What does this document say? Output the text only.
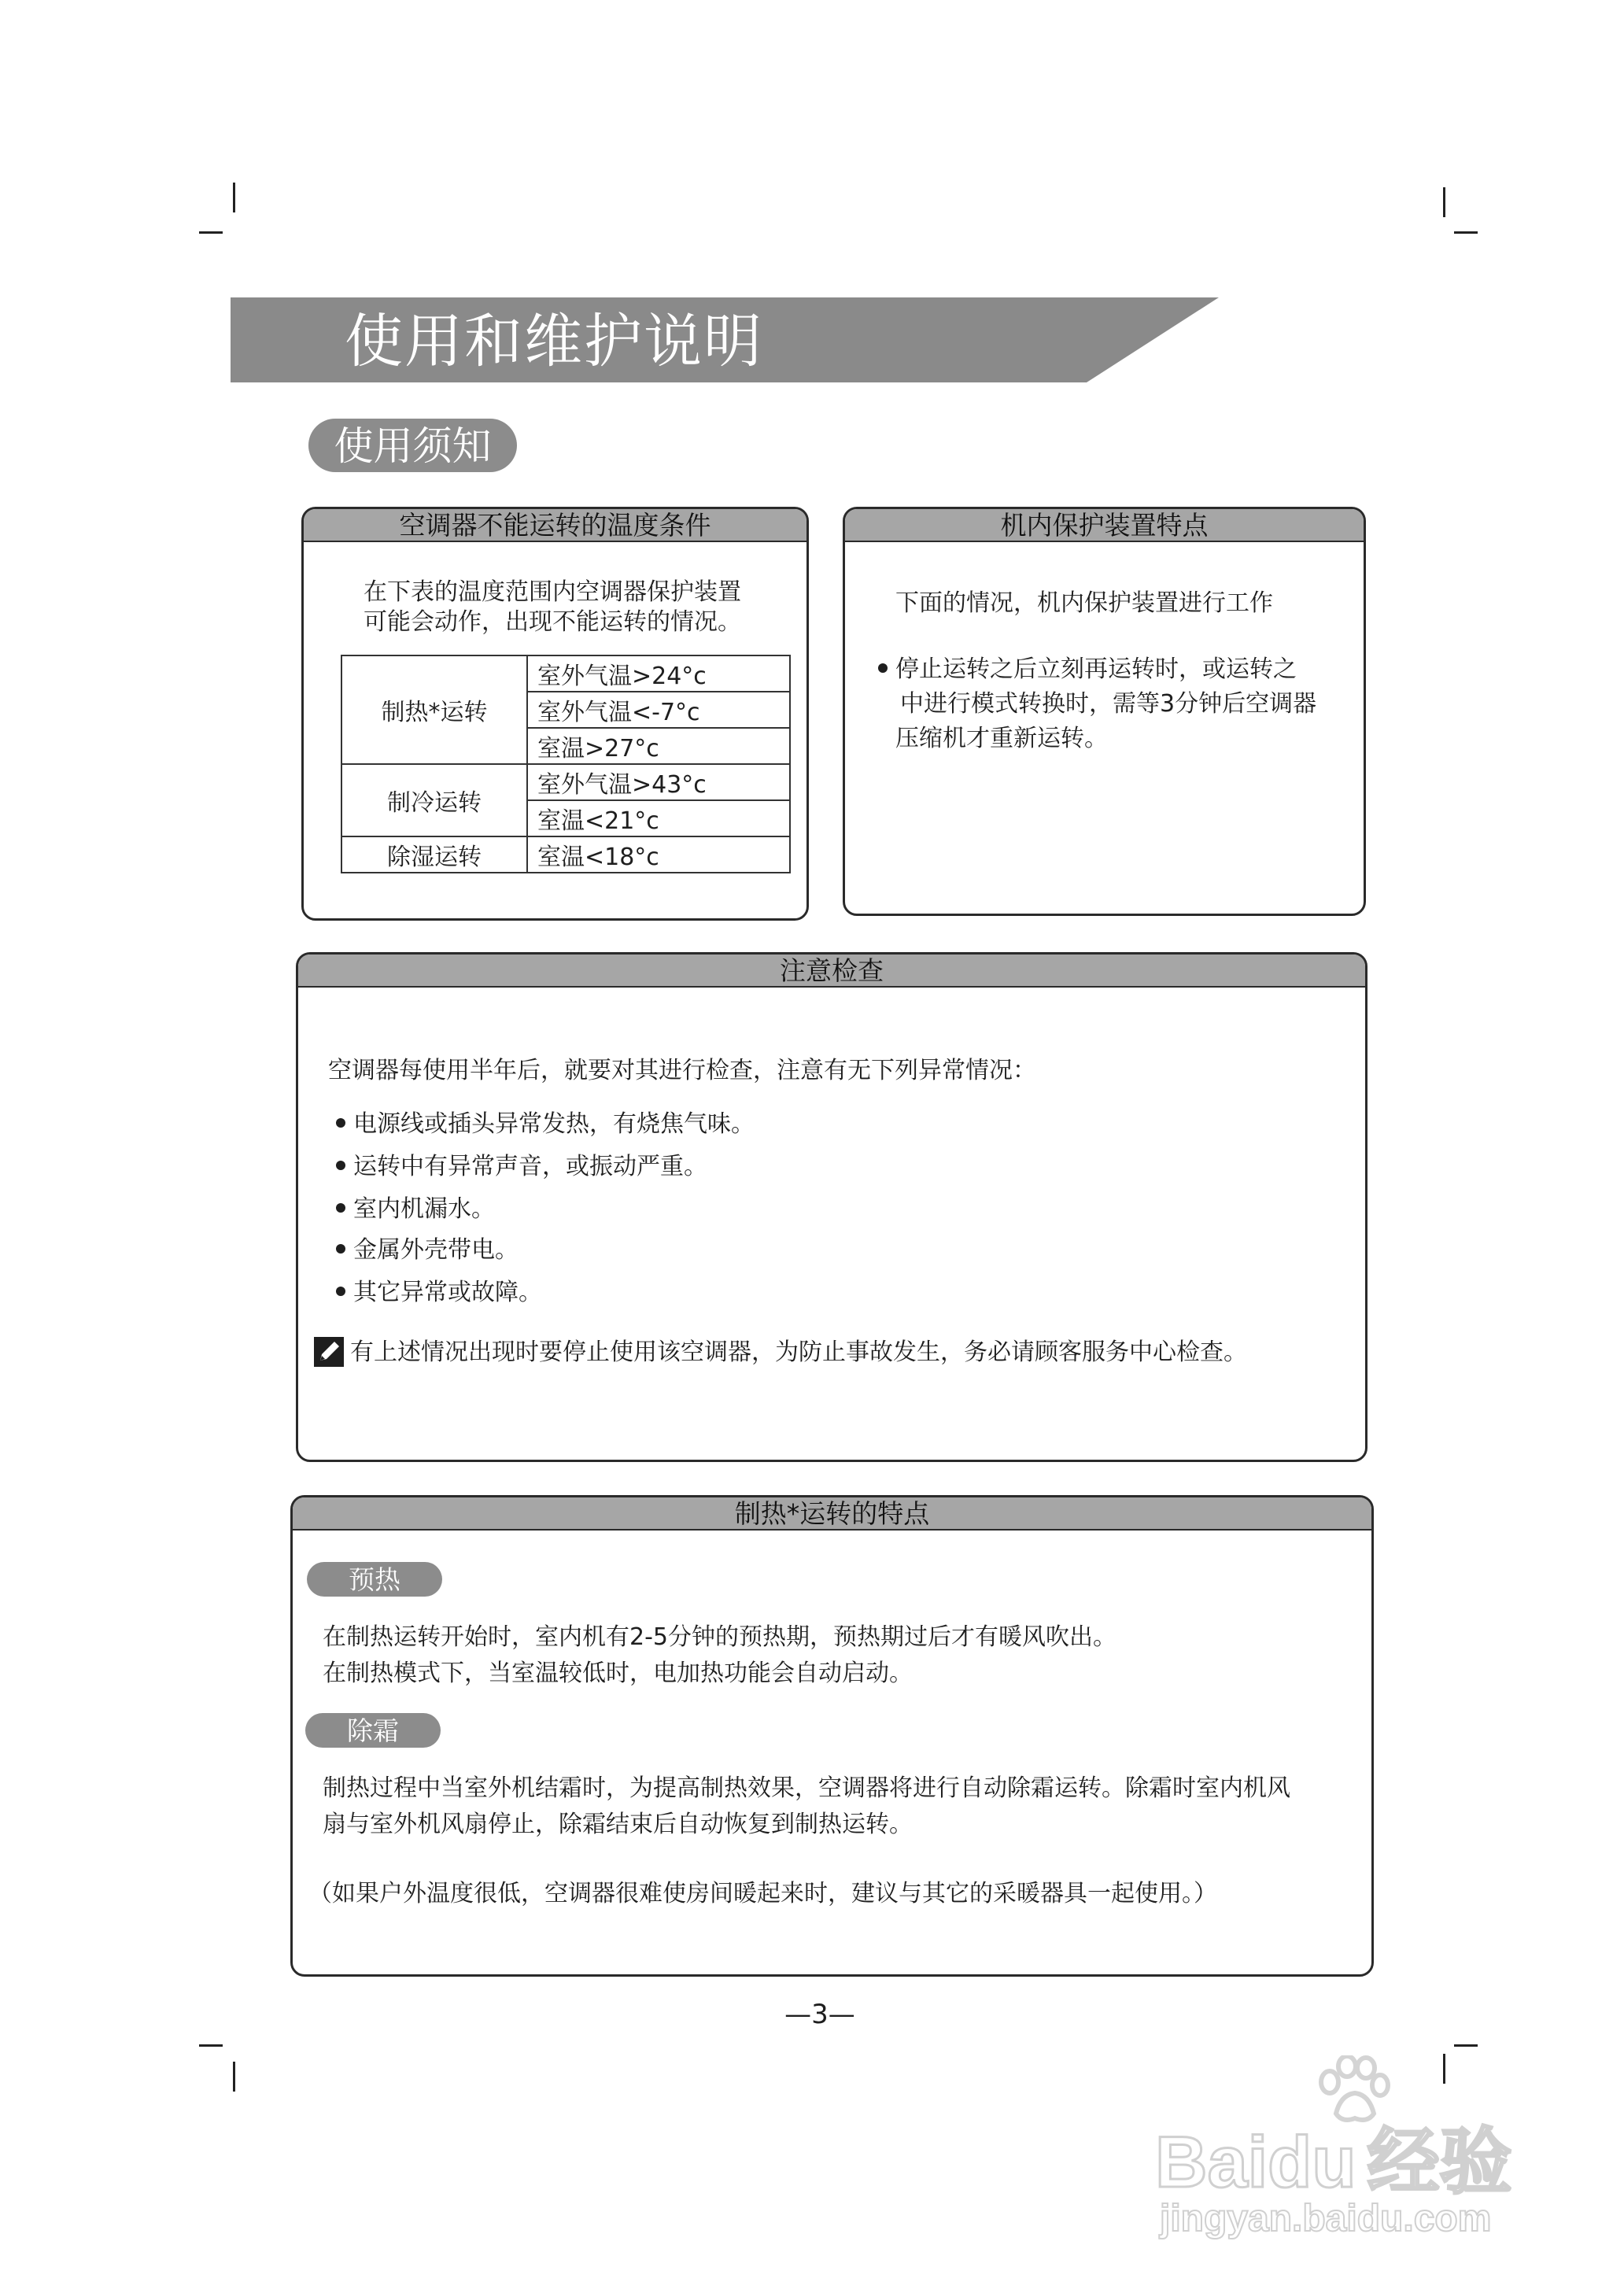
使用和维护说明
使用须知
空调器不能运转的温度条件
在下表的温度范围内空调器保护装置
可能会动作，出现不能运转的情况。
制热*运转	室外气温>24°c
	室外气温<-7°c
	室温>27°c
制冷运转	室外气温>43°c
	室温<21°c
除湿运转	室温<18°c
机内保护装置特点
下面的情况，机内保护装置进行工作
停止运转之后立刻再运转时，或运转之
中进行模式转换时，需等3分钟后空调器
压缩机才重新运转。
注意检查
空调器每使用半年后，就要对其进行检查，注意有无下列异常情况：
电源线或插头异常发热，有烧焦气味。
运转中有异常声音，或振动严重。
室内机漏水。
金属外壳带电。
其它异常或故障。
有上述情况出现时要停止使用该空调器，为防止事故发生，务必请顾客服务中心检查。
制热*运转的特点
预热
在制热运转开始时，室内机有2-5分钟的预热期，预热期过后才有暖风吹出。
在制热模式下，当室温较低时，电加热功能会自动启动。
除霜
制热过程中当室外机结霜时，为提高制热效果，空调器将进行自动除霜运转。除霜时室内机风
扇与室外机风扇停止，除霜结束后自动恢复到制热运转。
（如果户外温度很低，空调器很难使房间暖起来时，建议与其它的采暖器具一起使用。）
—3—
Baidu 经验
jingyan.baidu.com
